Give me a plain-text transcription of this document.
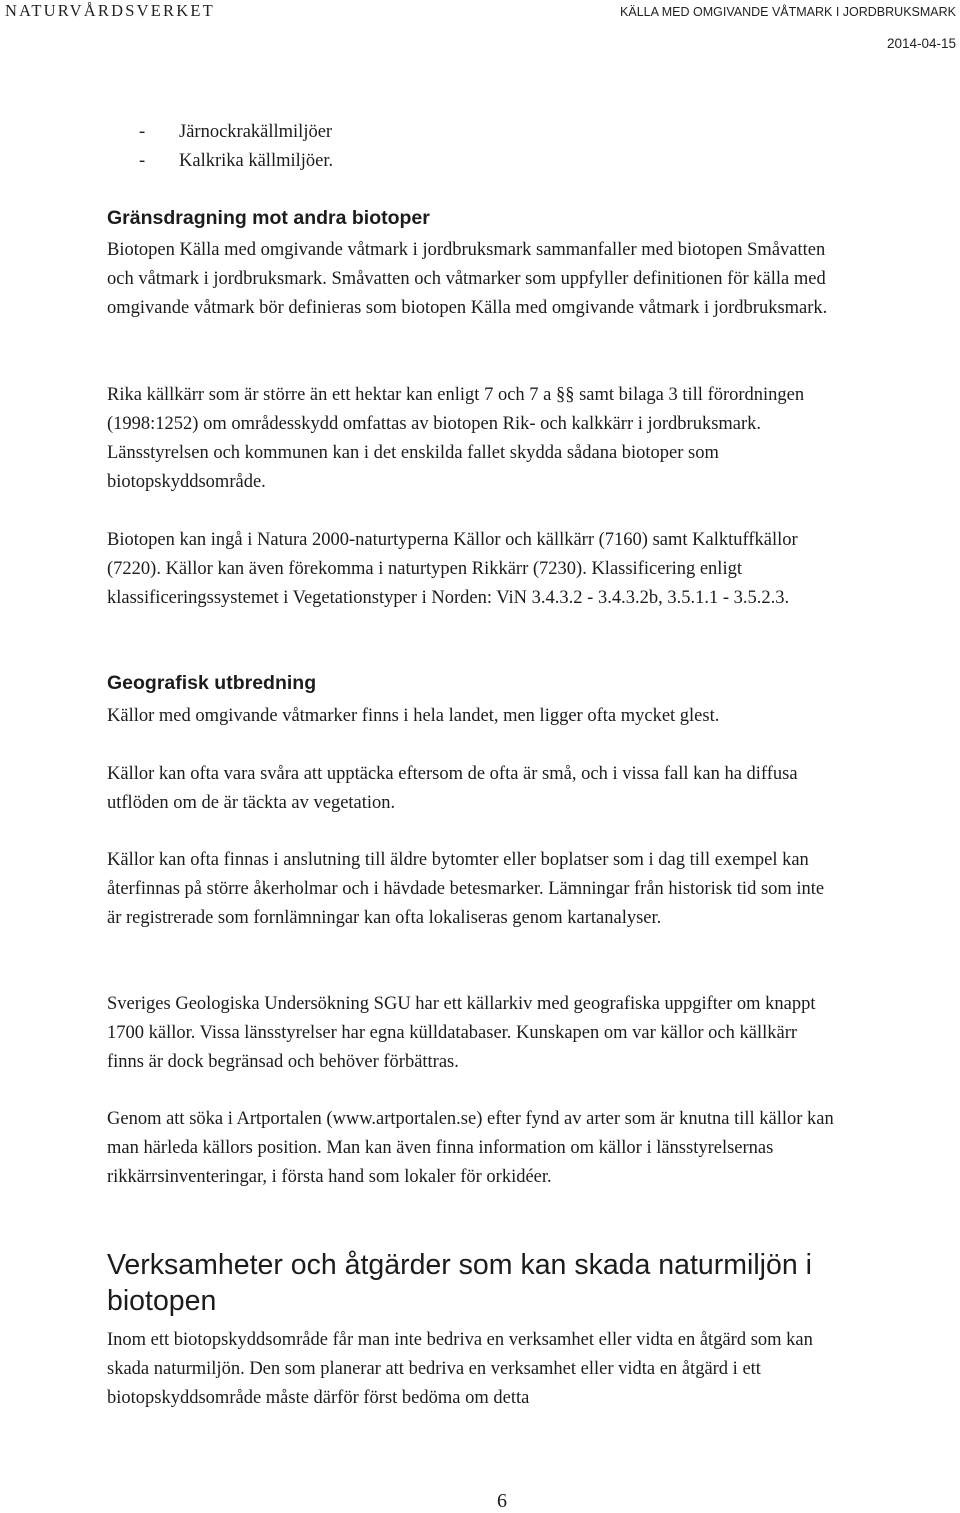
NATURVÅRDSVERKET	KÄLLA MED OMGIVANDE VÅTMARK I JORDBRUKSMARK
2014-04-15
- Järnockrakällmiljöer
- Kalkrika källmiljöer.
Gränsdragning mot andra biotoper

Biotopen Källa med omgivande våtmark i jordbruksmark sammanfaller med biotopen Småvatten och våtmark i jordbruksmark. Småvatten och våtmarker som uppfyller definitionen för källa med omgivande våtmark bör definieras som biotopen Källa med omgivande våtmark i jordbruksmark.

Rika källkärr som är större än ett hektar kan enligt 7 och 7 a §§ samt bilaga 3 till förordningen (1998:1252) om områdesskydd omfattas av biotopen Rik- och kalkkärr i jordbruksmark. Länsstyrelsen och kommunen kan i det enskilda fallet skydda sådana biotoper som biotopskyddsområde.

Biotopen kan ingå i Natura 2000-naturtyperna Källor och källkärr (7160) samt Kalktuffkällor (7220). Källor kan även förekomma i naturtypen Rikkärr (7230). Klassificering enligt klassificeringssystemet i Vegetationstyper i Norden: ViN 3.4.3.2 - 3.4.3.2b, 3.5.1.1 - 3.5.2.3.

Geografisk utbredning

Källor med omgivande våtmarker finns i hela landet, men ligger ofta mycket glest.

Källor kan ofta vara svåra att upptäcka eftersom de ofta är små, och i vissa fall kan ha diffusa utflöden om de är täckta av vegetation.

Källor kan ofta finnas i anslutning till äldre bytomter eller boplatser som i dag till exempel kan återfinnas på större åkerholmar och i hävdade betesmarker. Lämningar från historisk tid som inte är registrerade som fornlämningar kan ofta lokaliseras genom kartanalyser.

Sveriges Geologiska Undersökning SGU har ett källarkiv med geografiska uppgifter om knappt 1700 källor. Vissa länsstyrelser har egna külldatabaser. Kunskapen om var källor och källkärr finns är dock begränsad och behöver förbättras.

Genom att söka i Artportalen (www.artportalen.se) efter fynd av arter som är knutna till källor kan man härleda källors position. Man kan även finna information om källor i länsstyrelsernas rikkärrsinventeringar, i första hand som lokaler för orkidéer.

Verksamheter och åtgärder som kan skada naturmiljön i biotopen

Inom ett biotopskyddsområde får man inte bedriva en verksamhet eller vidta en åtgärd som kan skada naturmiljön. Den som planerar att bedriva en verksamhet eller vidta en åtgärd i ett biotopskyddsområde måste därför först bedöma om detta

6
